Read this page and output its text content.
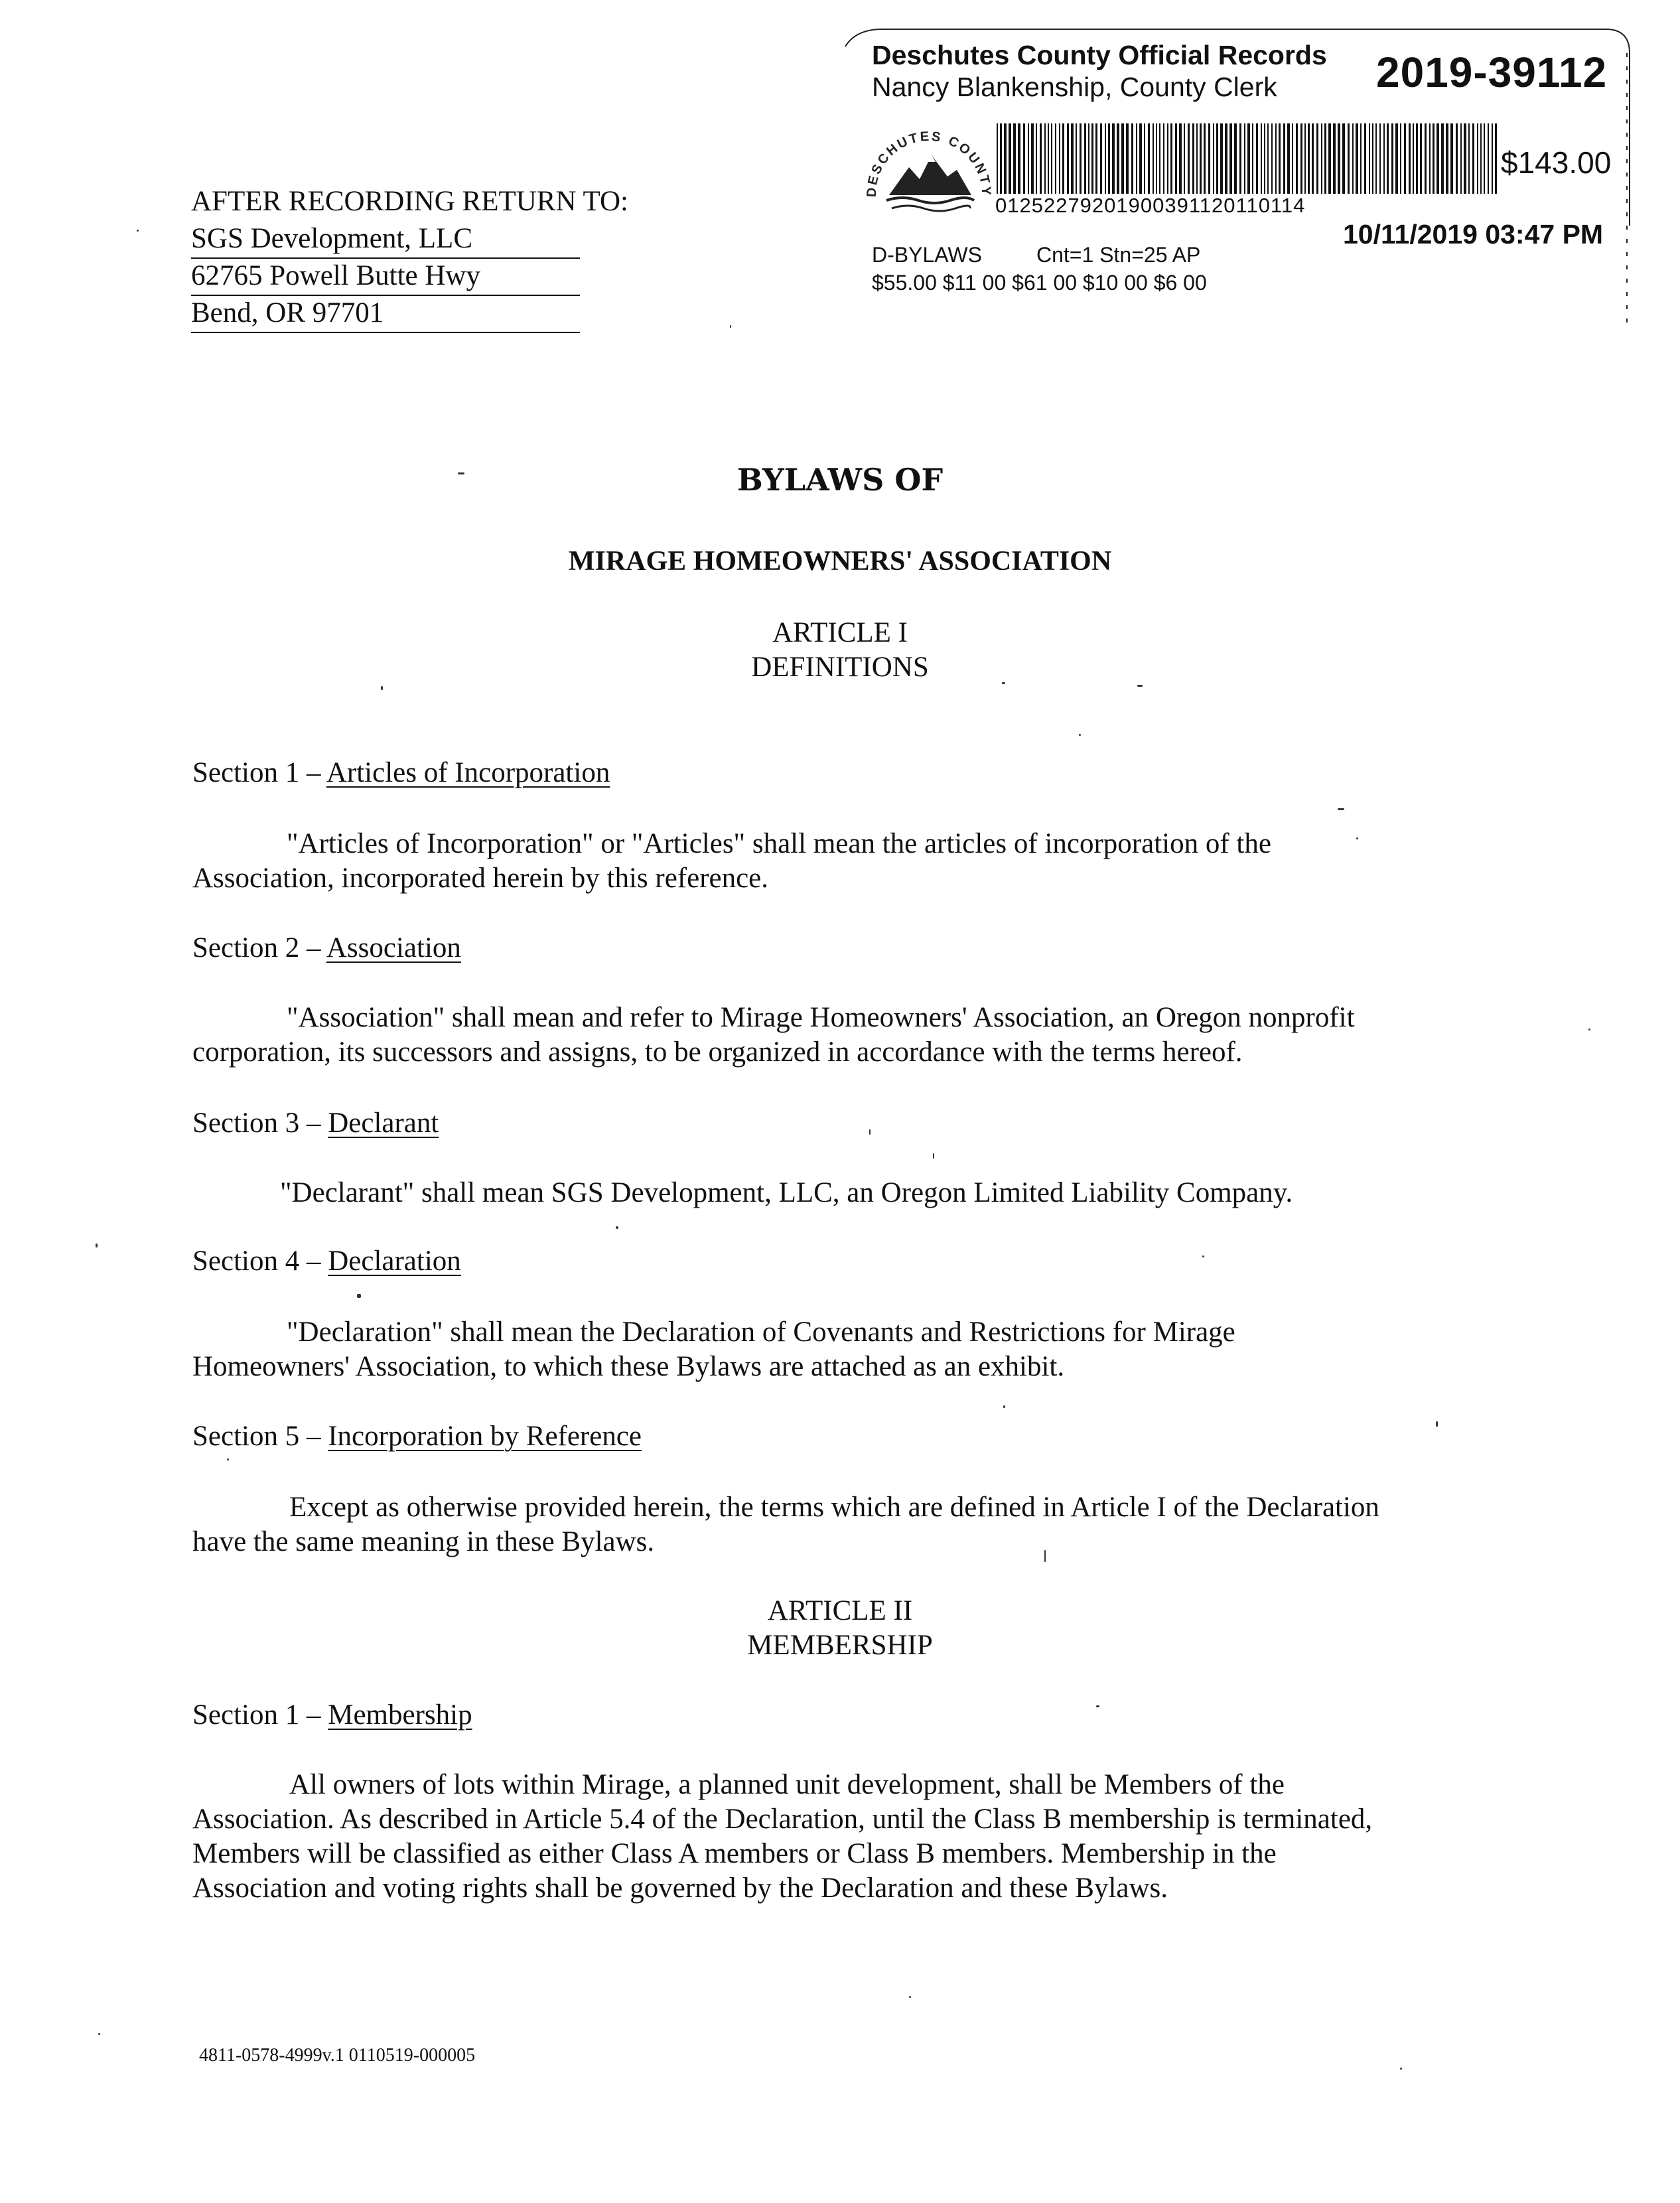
Deschutes County Official Records
Nancy Blankenship, County Clerk 2019-39112
DESCHUTES COUNTY
01252279201900391120110114
$143.00
10/11/2019 03:47 PM
D-BYLAWS	Cnt=1 Stn=25 AP
$55.00 $11 00 $61 00 $10 00 $6 00
AFTER RECORDING RETURN TO:
SGS Development, LLC
62765 Powell Butte Hwy
Bend, OR 97701
BYLAWS OF
MIRAGE HOMEOWNERS' ASSOCIATION
ARTICLE I
DEFINITIONS
Section 1 – Articles of Incorporation
"Articles of Incorporation" or "Articles" shall mean the articles of incorporation of the
Association, incorporated herein by this reference.
Section 2 – Association
"Association" shall mean and refer to Mirage Homeowners' Association, an Oregon nonprofit
corporation, its successors and assigns, to be organized in accordance with the terms hereof.
Section 3 – Declarant
"Declarant" shall mean SGS Development, LLC, an Oregon Limited Liability Company.
Section 4 – Declaration
"Declaration" shall mean the Declaration of Covenants and Restrictions for Mirage
Homeowners' Association, to which these Bylaws are attached as an exhibit.
Section 5 – Incorporation by Reference
Except as otherwise provided herein, the terms which are defined in Article I of the Declaration
have the same meaning in these Bylaws.
ARTICLE II
MEMBERSHIP
Section 1 – Membership
All owners of lots within Mirage, a planned unit development, shall be Members of the
Association. As described in Article 5.4 of the Declaration, until the Class B membership is terminated,
Members will be classified as either Class A members or Class B members. Membership in the
Association and voting rights shall be governed by the Declaration and these Bylaws.
4811-0578-4999v.1 0110519-000005
